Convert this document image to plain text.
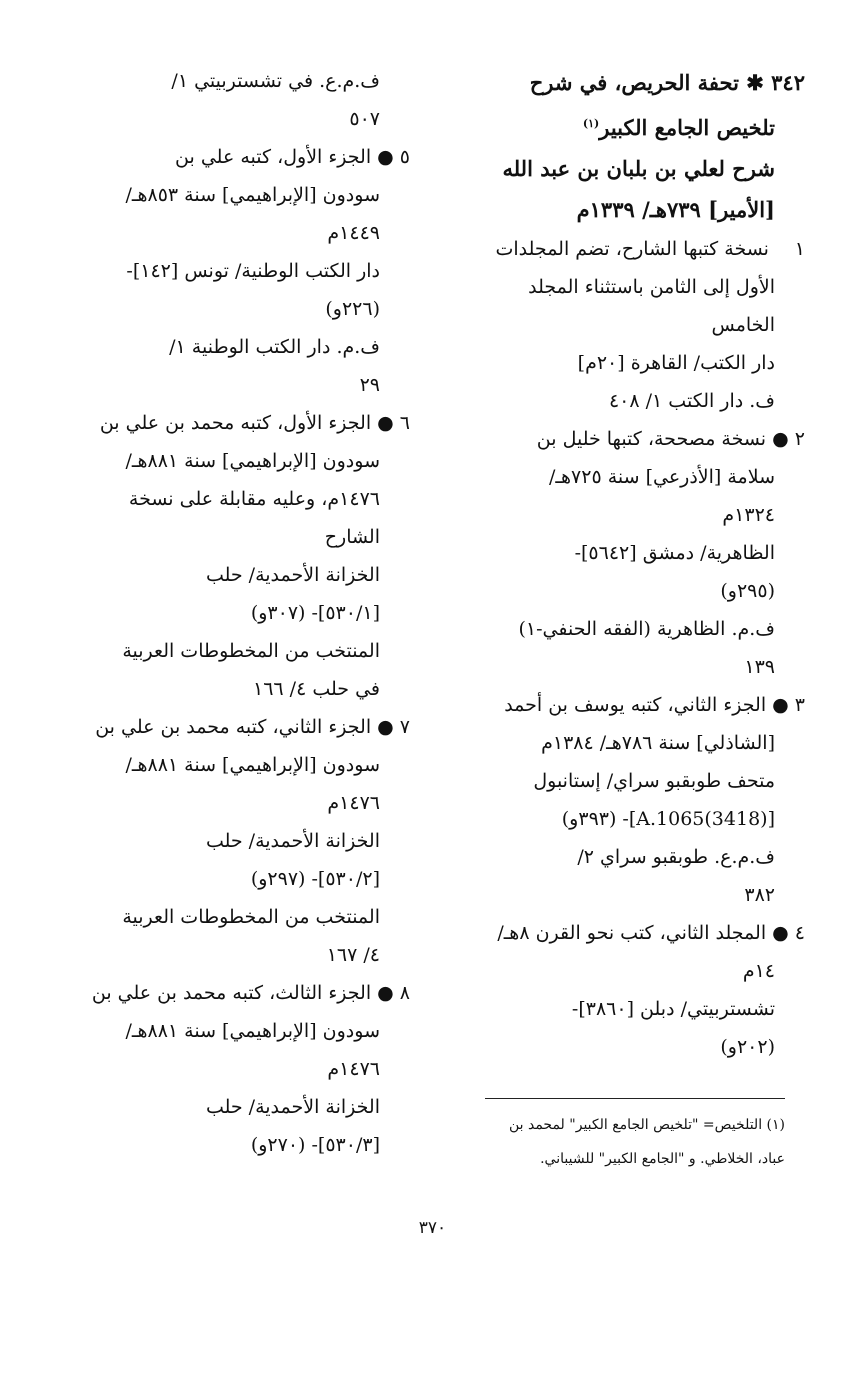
٣٤٢ ✱ تحفة الحريص، في شرح
تلخيص الجامع الكبير$^{(١)}$
شرح لعلي بن بلبان بن عبد الله
[الأمير] ٧٣٩هـ/ ١٣٣٩م
١ نسخة كتبها الشارح، تضم المجلدات
الأول إلى الثامن باستثناء المجلد
الخامس
دار الكتب/ القاهرة [٢٠م]
ف. دار الكتب ١/ ٤٠٨
٢ ● نسخة مصححة، كتبها خليل بن
سلامة [الأذرعي] سنة ٧٢٥هـ/
١٣٢٤م
الظاهرية/ دمشق [٥٦٤٢]-
(٢٩٥و)
ف.م. الظاهرية (الفقه الحنفي-١)
١٣٩
٣ ● الجزء الثاني، كتبه يوسف بن أحمد
[الشاذلي] سنة ٧٨٦هـ/ ١٣٨٤م
متحف طوبقبو سراي/ إستانبول
[A.1065(3418)]- (٣٩٣و)
ف.م.ع. طوبقبو سراي ٢/
٣٨٢
٤ ● المجلد الثاني، كتب نحو القرن ٨هـ/
١٤م
تشستربيتي/ دبلن [٣٨٦٠]-
(٢٠٢و)
ف.م.ع. في تشستربيتي ١/
٥٠٧
٥ ● الجزء الأول، كتبه علي بن
سودون [الإبراهيمي] سنة ٨٥٣هـ/
١٤٤٩م
دار الكتب الوطنية/ تونس [١٤٢]-
(٢٢٦و)
ف.م. دار الكتب الوطنية ١/
٢٩
٦ ● الجزء الأول، كتبه محمد بن علي بن
سودون [الإبراهيمي] سنة ٨٨١هـ/
١٤٧٦م، وعليه مقابلة على نسخة
الشارح
الخزانة الأحمدية/ حلب
[٥٣٠/١]- (٣٠٧و)
المنتخب من المخطوطات العربية
في حلب ٤/ ١٦٦
٧ ● الجزء الثاني، كتبه محمد بن علي بن
سودون [الإبراهيمي] سنة ٨٨١هـ/
١٤٧٦م
الخزانة الأحمدية/ حلب
[٥٣٠/٢]- (٢٩٧و)
المنتخب من المخطوطات العربية
٤/ ١٦٧
٨ ● الجزء الثالث، كتبه محمد بن علي بن
سودون [الإبراهيمي] سنة ٨٨١هـ/
١٤٧٦م
الخزانة الأحمدية/ حلب
[٥٣٠/٣]- (٢٧٠و)
(١) التلخيص= "تلخيص الجامع الكبير" لمحمد بن
عباد، الخلاطي. و "الجامع الكبير" للشيباني.
٣٧٠
